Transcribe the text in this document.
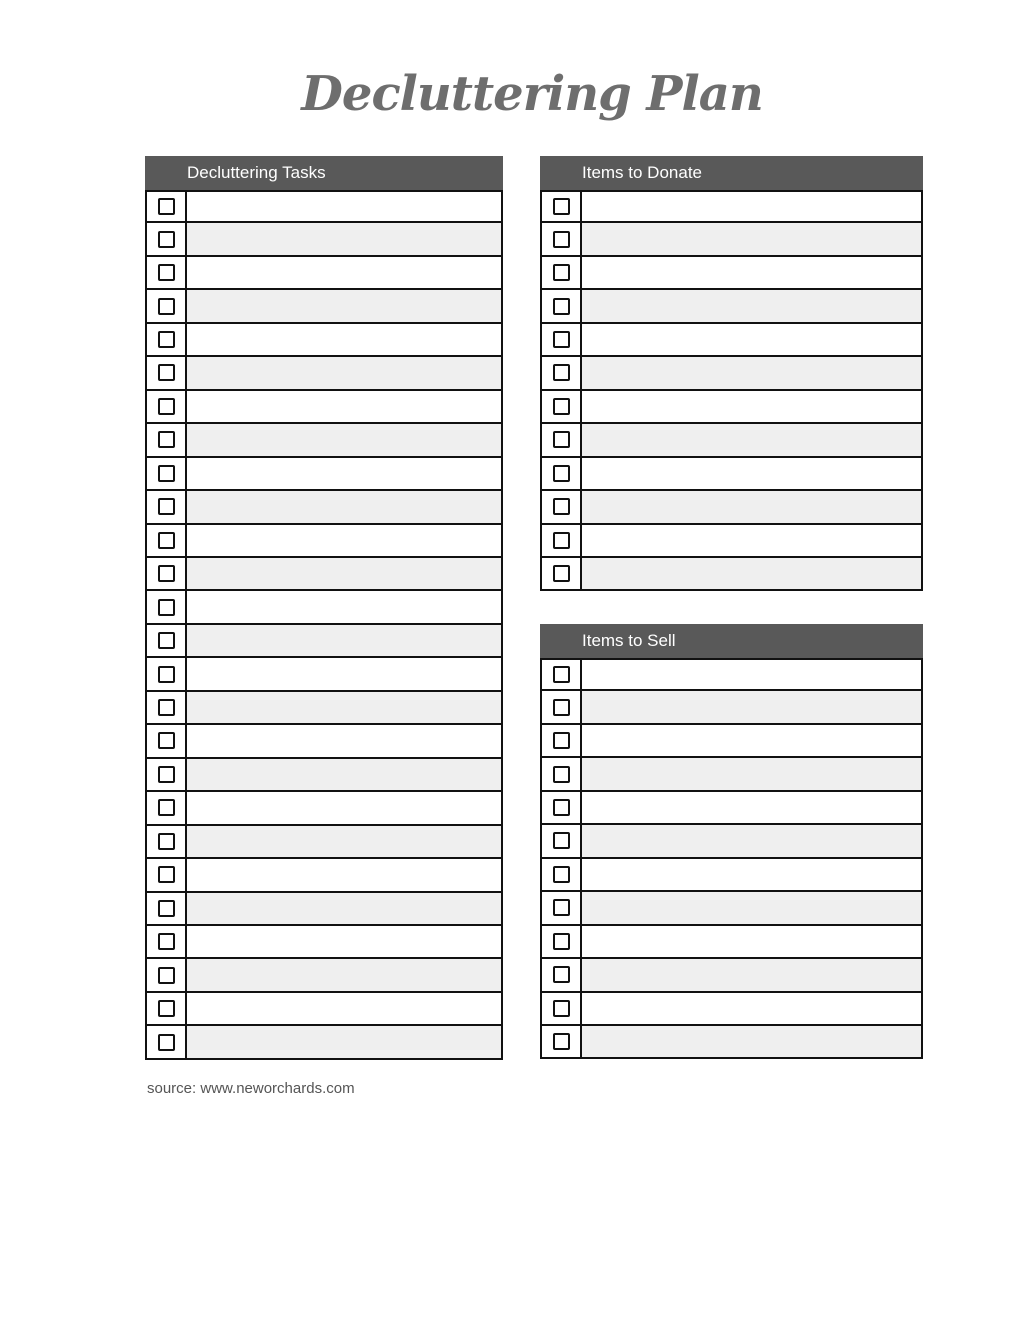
Decluttering Plan
Decluttering Tasks	Items to Donate
Items to Sell
source: www.neworchards.com
